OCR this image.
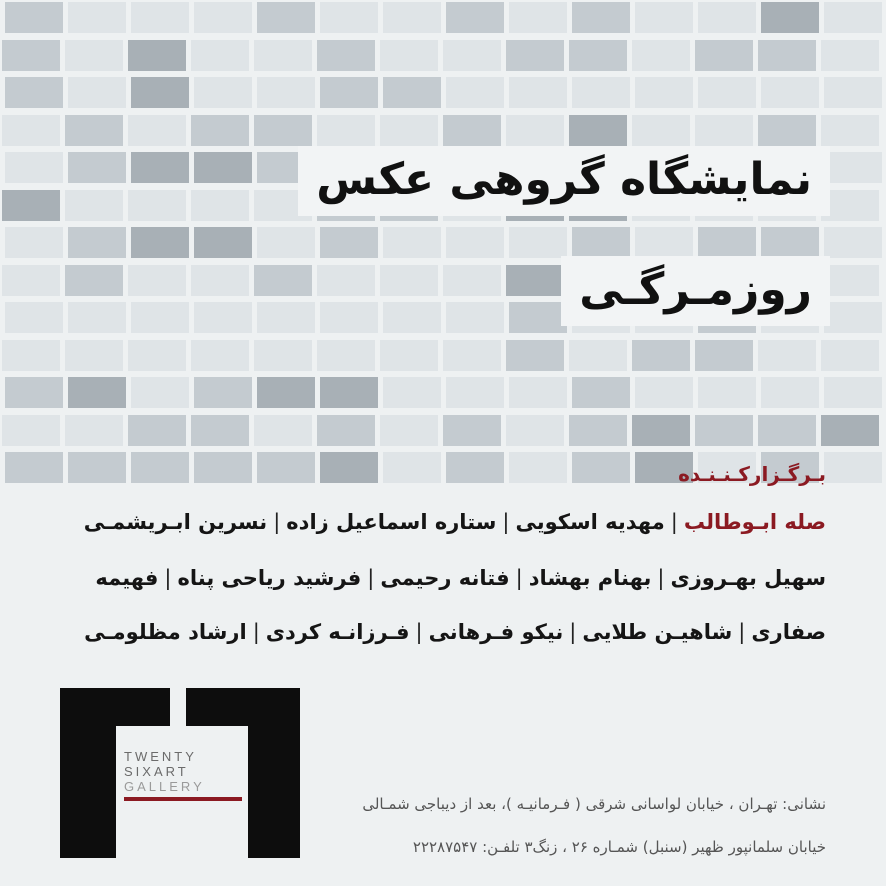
نمایشگاه گروهی عکس
روزمـرگـی
بـرگـزارکـنـنـده
صله ابـوطالب|مهدیه اسکویی|ستاره اسماعیل زاده|نسرین ابـریشمـی
سهیل بهـروزی|بهنام بهشاد|فتانه رحیمی|فرشید ریاحی پناه|فهیمه
صفاری|شاهیـن طلایی|نیکو فـرهانی|فـرزانـه کردی|ارشاد مظلومـی
TWENTY
SIXART
GALLERY
نشانی: تهـران ، خیابان لواسانی شرقی ( فـرمانیـه )، بعد از دیباجی شمـالی
خیابان سلمانپور ظهیر (سنبل) شمـاره ۲۶ ، زنگ۳ تلفـن: ۲۲۲۸۷۵۴۷
